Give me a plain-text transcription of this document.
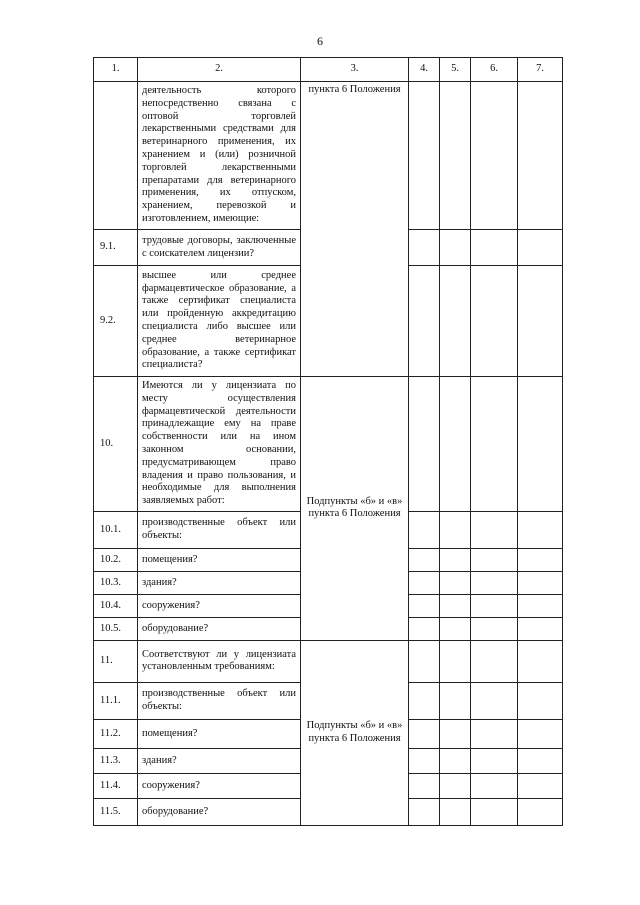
6
1.	2.	3.	4.	5.	6.	7.
	деятельность которого непосредственно связана с оптовой торговлей лекарственными средствами для ветеринарного применения, их хранением и (или) розничной торговлей лекарственными препаратами для ветеринарного применения, их отпуском, хранением, перевозкой и изготовлением, имеющие:	пункта 6 Положения				
9.1.	трудовые договоры, заключенные с соискателем лицензии?					
9.2.	высшее или среднее фармацевтическое образование, а также сертификат специалиста или пройденную аккредитацию специалиста либо высшее или среднее ветеринарное образование, а также сертификат специалиста?					
10.	Имеются ли у лицензиата по месту осуществления фармацевтической деятельности принадлежащие ему на праве собственности или на ином законном основании, предусматривающем право владения и право пользования, и необходимые для выполнения заявляемых работ:	Подпункты «б» и «в» пункта 6 Положения				
10.1.	производственные объект или объекты:					
10.2.	помещения?					
10.3.	здания?					
10.4.	сооружения?					
10.5.	оборудование?					
11.	Соответствуют ли у лицензиата установленным требованиям:	Подпункты «б» и «в» пункта 6 Положения				
11.1.	производственные объект или объекты:					
11.2.	помещения?					
11.3.	здания?					
11.4.	сооружения?					
11.5.	оборудование?					
